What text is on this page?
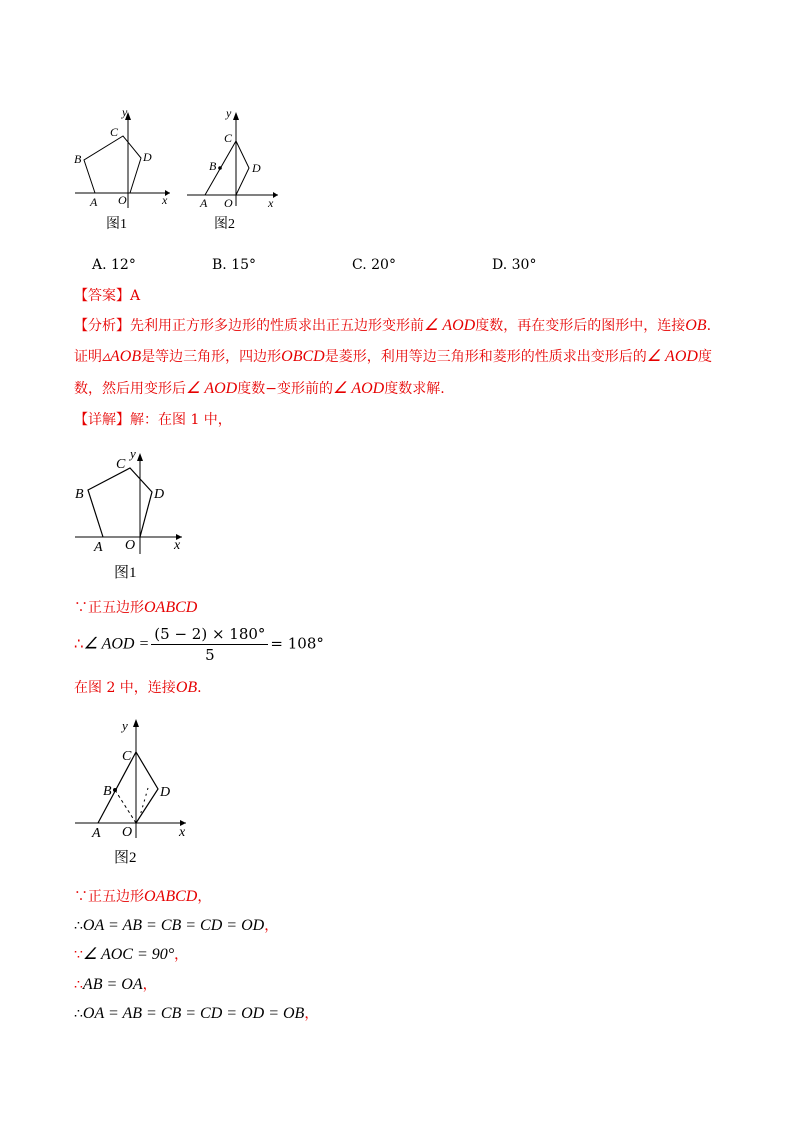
y
C
B	D
A O	x
图1
y
C
B	D
A O	x
图2
A. 12°	B. 15°	C. 20°	D. 30°
【答案】A
【分析】先利用正方形多边形的性质求出正五边形变形前∠ AOD度数，再在变形后的图形中，连接OB.
证明▵AOB是等边三角形，四边形OBCD是菱形，利用等边三角形和菱形的性质求出变形后的∠ AOD度
数，然后用变形后∠ AOD度数−变形前的∠ AOD度数求解.
【详解】解：在图 1 中，
y
C
B	D
A O	x
图1
∵正五边形OABCD
∴∠ AOD = $\frac{(5 - 2) \times 180^\circ}{5} = 108^\circ$
在图 2 中，连接OB.
y
C
B	D
A O	x
图2
∵正五边形OABCD，
∴OA = AB = CB = CD = OD，
∵∠ AOC = 90°，
∴AB = OA，
∴OA = AB = CB = CD = OD = OB，
